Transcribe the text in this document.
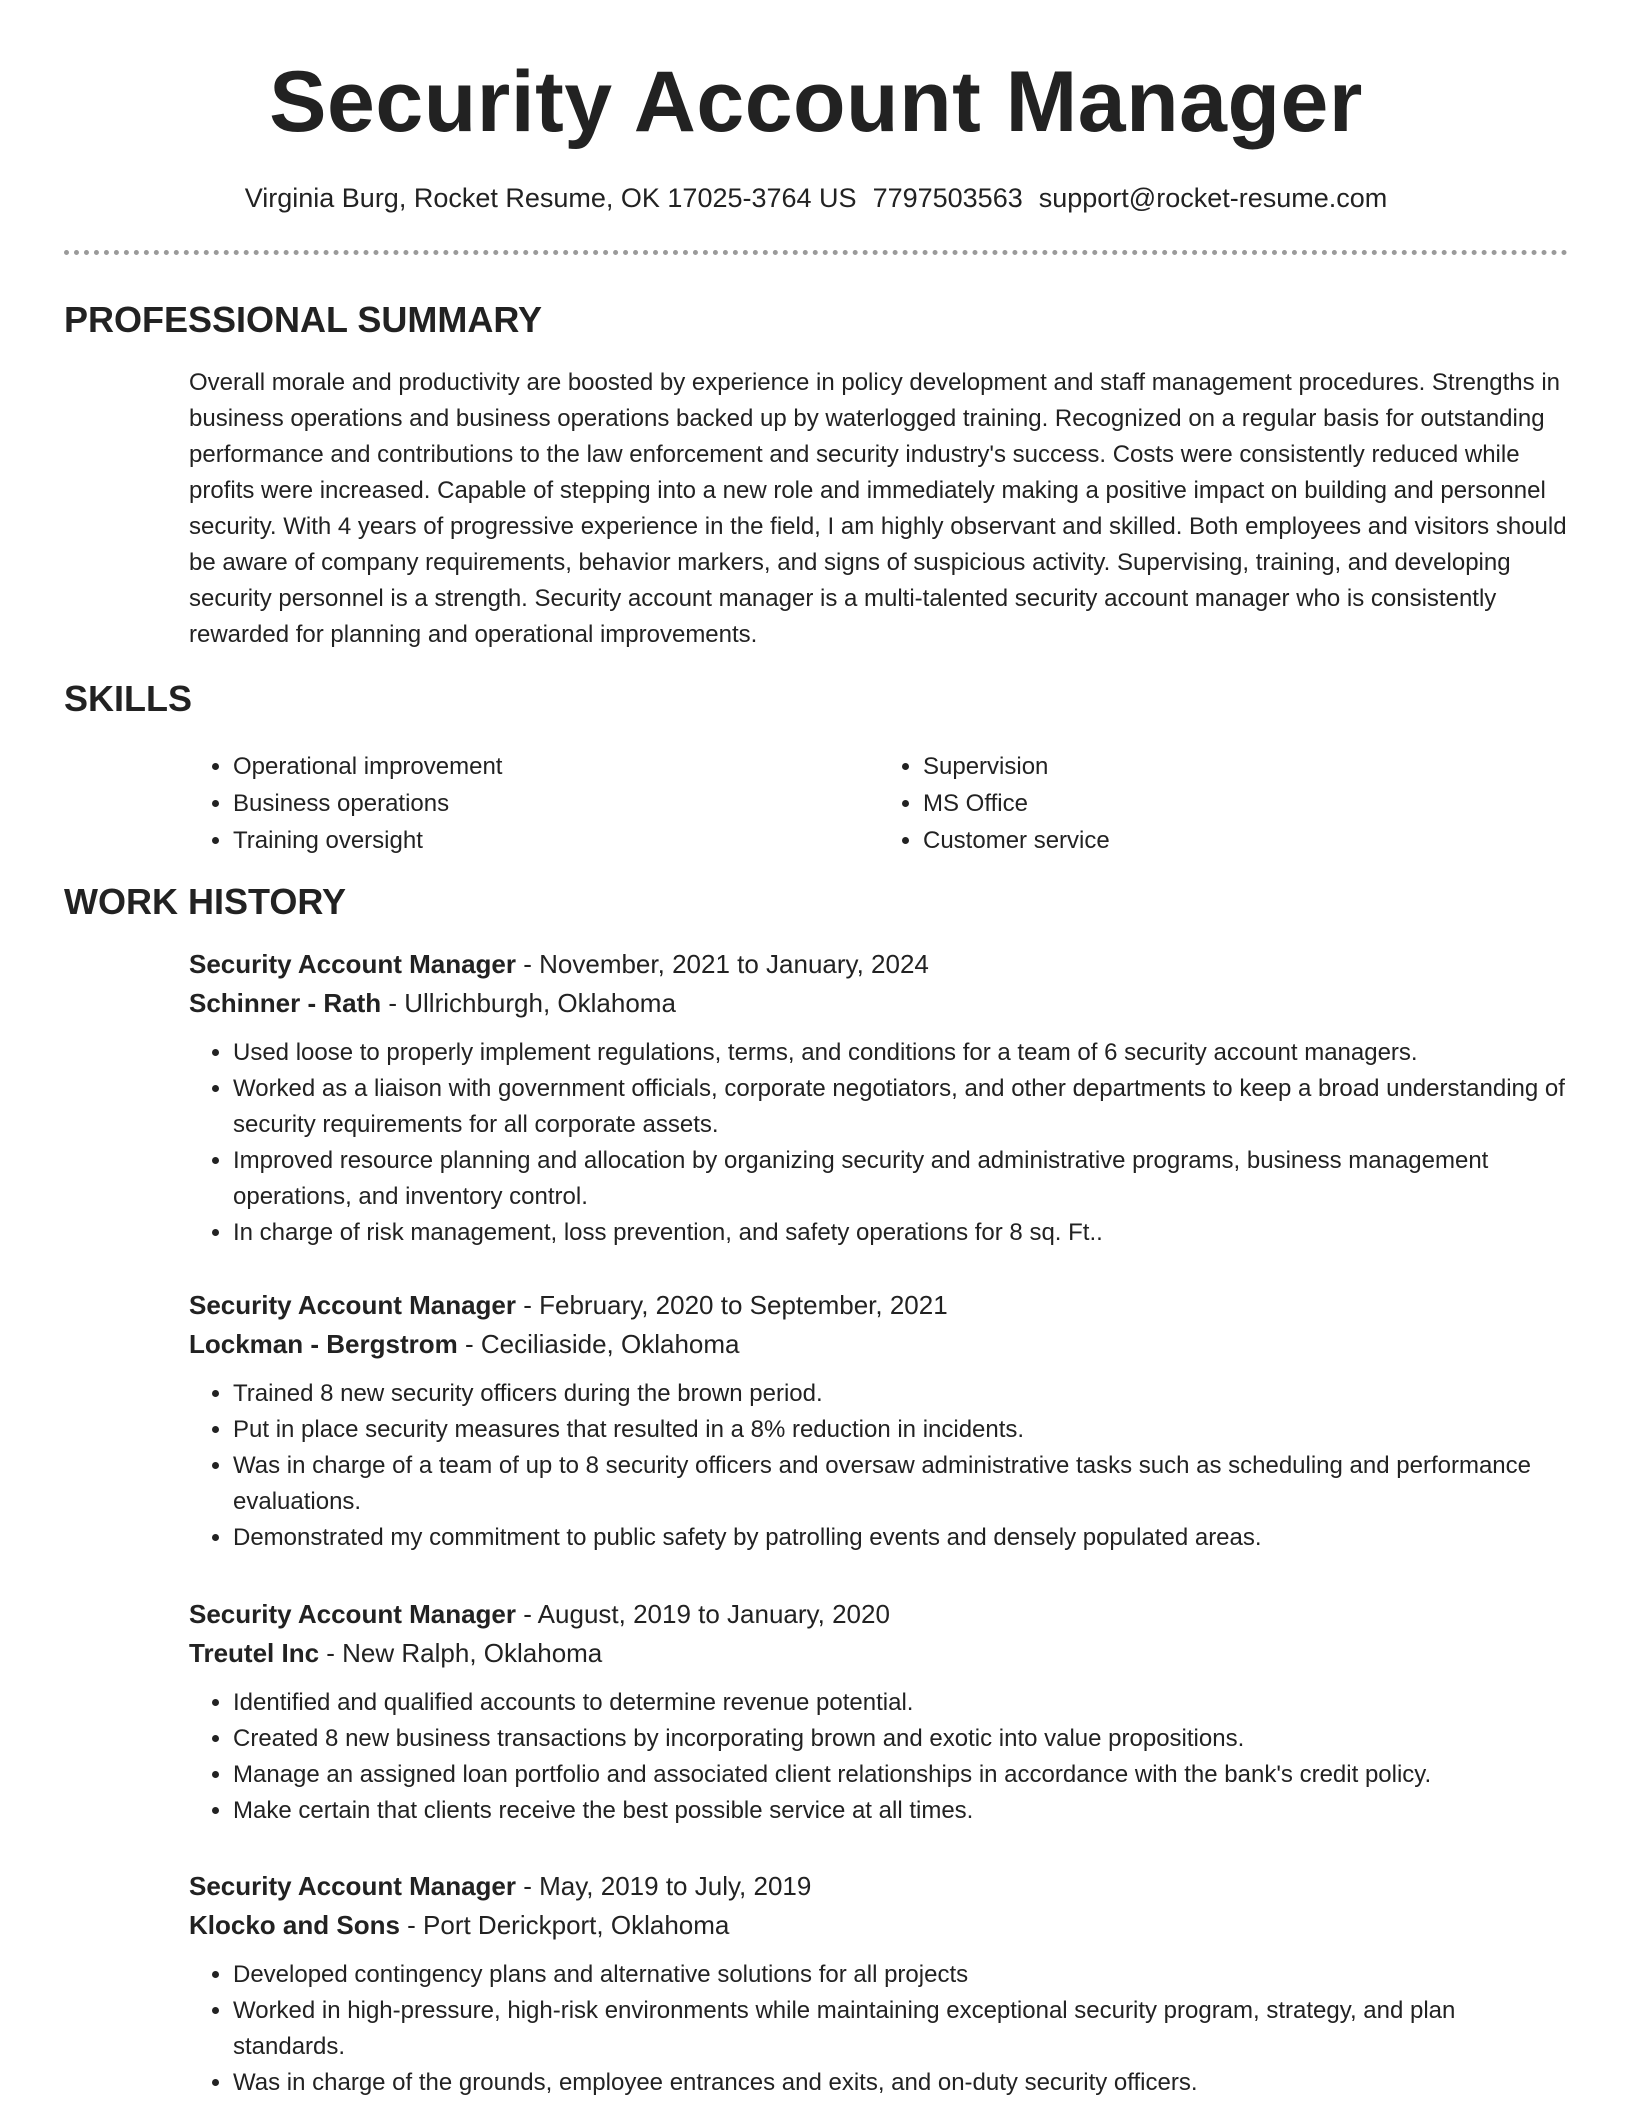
Security Account Manager
Virginia Burg, Rocket Resume, OK 17025-3764 US 7797503563 support@rocket-resume.com
PROFESSIONAL SUMMARY
Overall morale and productivity are boosted by experience in policy development and staff management procedures. Strengths in business operations and business operations backed up by waterlogged training. Recognized on a regular basis for outstanding performance and contributions to the law enforcement and security industry's success. Costs were consistently reduced while profits were increased. Capable of stepping into a new role and immediately making a positive impact on building and personnel security. With 4 years of progressive experience in the field, I am highly observant and skilled. Both employees and visitors should be aware of company requirements, behavior markers, and signs of suspicious activity. Supervising, training, and developing security personnel is a strength. Security account manager is a multi-talented security account manager who is consistently rewarded for planning and operational improvements.
SKILLS
• Operational improvement
• Business operations
• Training oversight
• Supervision
• MS Office
• Customer service
WORK HISTORY
Security Account Manager - November, 2021 to January, 2024
Schinner - Rath - Ullrichburgh, Oklahoma
• Used loose to properly implement regulations, terms, and conditions for a team of 6 security account managers.
• Worked as a liaison with government officials, corporate negotiators, and other departments to keep a broad understanding of security requirements for all corporate assets.
• Improved resource planning and allocation by organizing security and administrative programs, business management operations, and inventory control.
• In charge of risk management, loss prevention, and safety operations for 8 sq. Ft..
Security Account Manager - February, 2020 to September, 2021
Lockman - Bergstrom - Ceciliaside, Oklahoma
• Trained 8 new security officers during the brown period.
• Put in place security measures that resulted in a 8% reduction in incidents.
• Was in charge of a team of up to 8 security officers and oversaw administrative tasks such as scheduling and performance evaluations.
• Demonstrated my commitment to public safety by patrolling events and densely populated areas.
Security Account Manager - August, 2019 to January, 2020
Treutel Inc - New Ralph, Oklahoma
• Identified and qualified accounts to determine revenue potential.
• Created 8 new business transactions by incorporating brown and exotic into value propositions.
• Manage an assigned loan portfolio and associated client relationships in accordance with the bank's credit policy.
• Make certain that clients receive the best possible service at all times.
Security Account Manager - May, 2019 to July, 2019
Klocko and Sons - Port Derickport, Oklahoma
• Developed contingency plans and alternative solutions for all projects
• Worked in high-pressure, high-risk environments while maintaining exceptional security program, strategy, and plan standards.
• Was in charge of the grounds, employee entrances and exits, and on-duty security officers.
